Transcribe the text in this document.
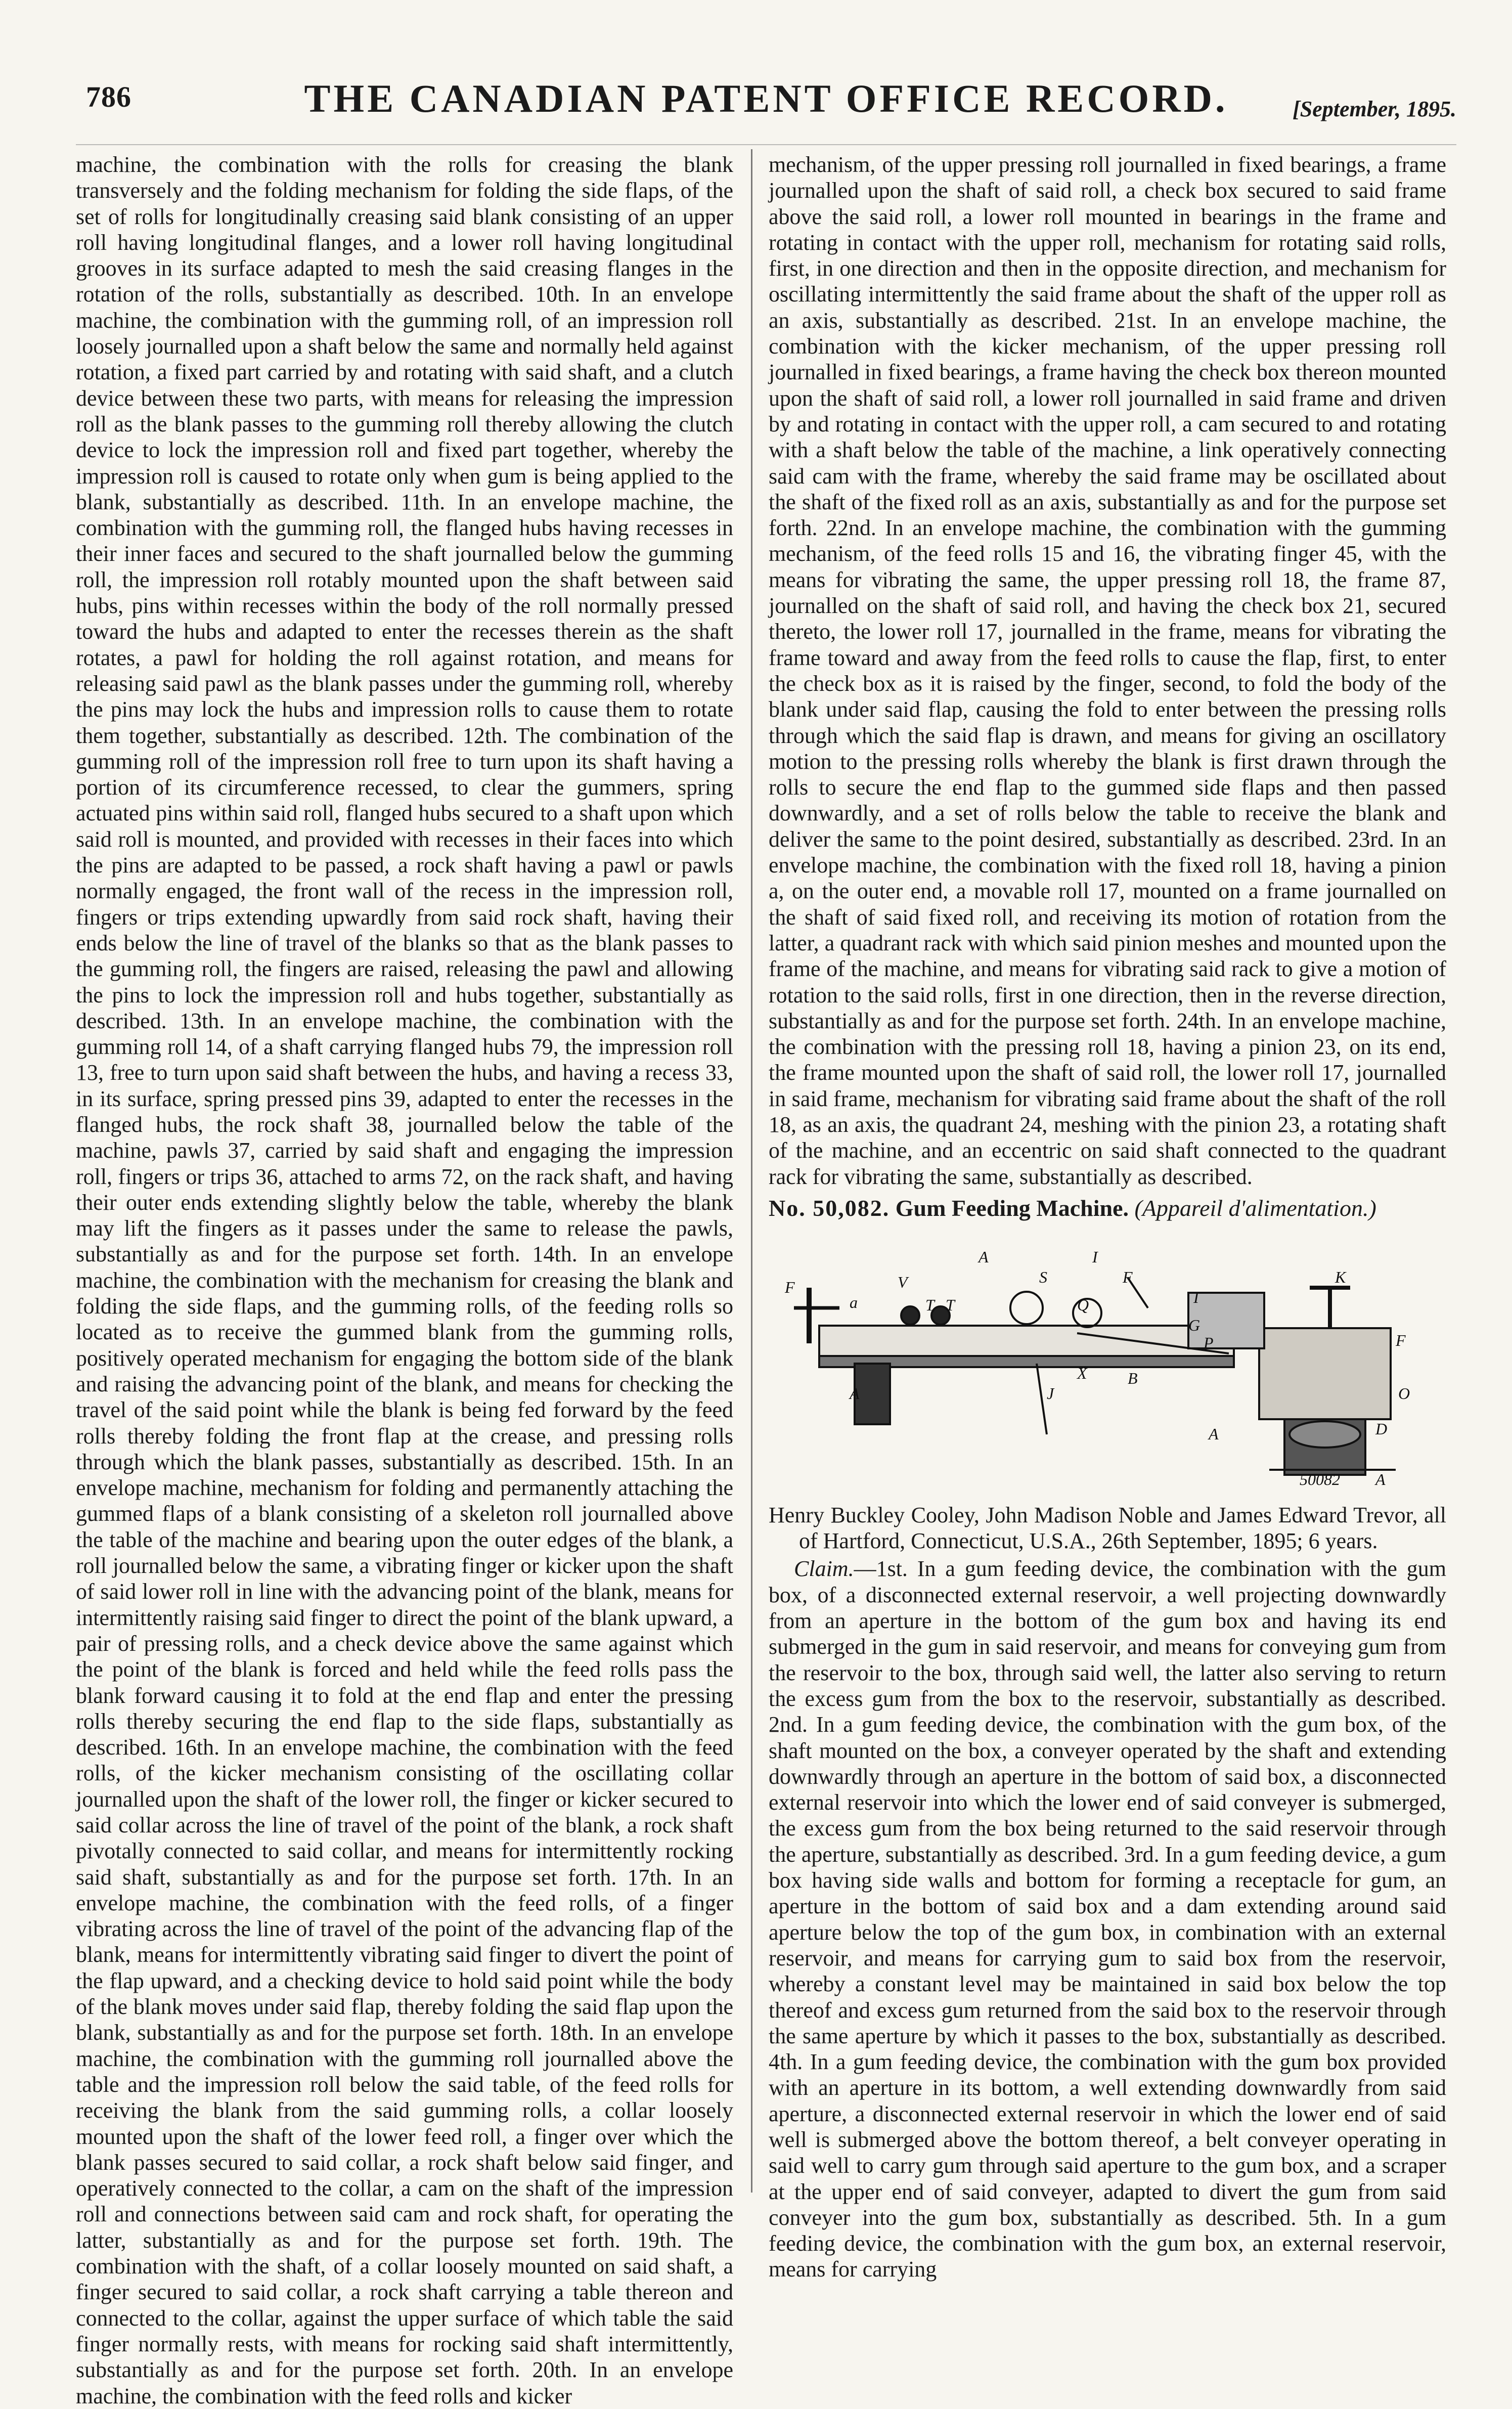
786	THE CANADIAN PATENT OFFICE RECORD.	[September, 1895.

machine, the combination with the rolls for creasing the blank transversely and the folding mechanism for folding the side flaps, of the set of rolls for longitudinally creasing said blank consisting of an upper roll having longitudinal flanges, and a lower roll having longitudinal grooves in its surface adapted to mesh the said creasing flanges in the rotation of the rolls, substantially as described. 10th. In an envelope machine, the combination with the gumming roll, of an impression roll loosely journalled upon a shaft below the same and normally held against rotation, a fixed part carried by and rotating with said shaft, and a clutch device between these two parts, with means for releasing the impression roll as the blank passes to the gumming roll thereby allowing the clutch device to lock the impression roll and fixed part together, whereby the impression roll is caused to rotate only when gum is being applied to the blank, substantially as described. 11th. In an envelope machine, the combination with the gumming roll, the flanged hubs having recesses in their inner faces and secured to the shaft journalled below the gumming roll, the impression roll rotably mounted upon the shaft between said hubs, pins within recesses within the body of the roll normally pressed toward the hubs and adapted to enter the recesses therein as the shaft rotates, a pawl for holding the roll against rotation, and means for releasing said pawl as the blank passes under the gumming roll, whereby the pins may lock the hubs and impression rolls to cause them to rotate them together, substantially as described. 12th. The combination of the gumming roll of the impression roll free to turn upon its shaft having a portion of its circumference recessed, to clear the gummers, spring actuated pins within said roll, flanged hubs secured to a shaft upon which said roll is mounted, and provided with recesses in their faces into which the pins are adapted to be passed, a rock shaft having a pawl or pawls normally engaged, the front wall of the recess in the impression roll, fingers or trips extending upwardly from said rock shaft, having their ends below the line of travel of the blanks so that as the blank passes to the gumming roll, the fingers are raised, releasing the pawl and allowing the pins to lock the impression roll and hubs together, substantially as described. 13th. In an envelope machine, the combination with the gumming roll 14, of a shaft carrying flanged hubs 79, the impression roll 13, free to turn upon said shaft between the hubs, and having a recess 33, in its surface, spring pressed pins 39, adapted to enter the recesses in the flanged hubs, the rock shaft 38, journalled below the table of the machine, pawls 37, carried by said shaft and engaging the impression roll, fingers or trips 36, attached to arms 72, on the rack shaft, and having their outer ends extending slightly below the table, whereby the blank may lift the fingers as it passes under the same to release the pawls, substantially as and for the purpose set forth. 14th. In an envelope machine, the combination with the mechanism for creasing the blank and folding the side flaps, and the gumming rolls, of the feeding rolls so located as to receive the gummed blank from the gumming rolls, positively operated mechanism for engaging the bottom side of the blank and raising the advancing point of the blank, and means for checking the travel of the said point while the blank is being fed forward by the feed rolls thereby folding the front flap at the crease, and pressing rolls through which the blank passes, substantially as described. 15th. In an envelope machine, mechanism for folding and permanently attaching the gummed flaps of a blank consisting of a skeleton roll journalled above the table of the machine and bearing upon the outer edges of the blank, a roll journalled below the same, a vibrating finger or kicker upon the shaft of said lower roll in line with the advancing point of the blank, means for intermittently raising said finger to direct the point of the blank upward, a pair of pressing rolls, and a check device above the same against which the point of the blank is forced and held while the feed rolls pass the blank forward causing it to fold at the end flap and enter the pressing rolls thereby securing the end flap to the side flaps, substantially as described. 16th. In an envelope machine, the combination with the feed rolls, of the kicker mechanism consisting of the oscillating collar journalled upon the shaft of the lower roll, the finger or kicker secured to said collar across the line of travel of the point of the blank, a rock shaft pivotally connected to said collar, and means for intermittently rocking said shaft, substantially as and for the purpose set forth. 17th. In an envelope machine, the combination with the feed rolls, of a finger vibrating across the line of travel of the point of the advancing flap of the blank, means for intermittently vibrating said finger to divert the point of the flap upward, and a checking device to hold said point while the body of the blank moves under said flap, thereby folding the said flap upon the blank, substantially as and for the purpose set forth. 18th. In an envelope machine, the combination with the gumming roll journalled above the table and the impression roll below the said table, of the feed rolls for receiving the blank from the said gumming rolls, a collar loosely mounted upon the shaft of the lower feed roll, a finger over which the blank passes secured to said collar, a rock shaft below said finger, and operatively connected to the collar, a cam on the shaft of the impression roll and connections between said cam and rock shaft, for operating the latter, substantially as and for the purpose set forth. 19th. The combination with the shaft, of a collar loosely mounted on said shaft, a finger secured to said collar, a rock shaft carrying a table thereon and connected to the collar, against the upper surface of which table the said finger normally rests, with means for rocking said shaft intermittently, substantially as and for the purpose set forth. 20th. In an envelope machine, the combination with the feed rolls and kicker

mechanism, of the upper pressing roll journalled in fixed bearings, a frame journalled upon the shaft of said roll, a check box secured to said frame above the said roll, a lower roll mounted in bearings in the frame and rotating in contact with the upper roll, mechanism for rotating said rolls, first, in one direction and then in the opposite direction, and mechanism for oscillating intermittently the said frame about the shaft of the upper roll as an axis, substantially as described. 21st. In an envelope machine, the combination with the kicker mechanism, of the upper pressing roll journalled in fixed bearings, a frame having the check box thereon mounted upon the shaft of said roll, a lower roll journalled in said frame and driven by and rotating in contact with the upper roll, a cam secured to and rotating with a shaft below the table of the machine, a link operatively connecting said cam with the frame, whereby the said frame may be oscillated about the shaft of the fixed roll as an axis, substantially as and for the purpose set forth. 22nd. In an envelope machine, the combination with the gumming mechanism, of the feed rolls 15 and 16, the vibrating finger 45, with the means for vibrating the same, the upper pressing roll 18, the frame 87, journalled on the shaft of said roll, and having the check box 21, secured thereto, the lower roll 17, journalled in the frame, means for vibrating the frame toward and away from the feed rolls to cause the flap, first, to enter the check box as it is raised by the finger, second, to fold the body of the blank under said flap, causing the fold to enter between the pressing rolls through which the said flap is drawn, and means for giving an oscillatory motion to the pressing rolls whereby the blank is first drawn through the rolls to secure the end flap to the gummed side flaps and then passed downwardly, and a set of rolls below the table to receive the blank and deliver the same to the point desired, substantially as described. 23rd. In an envelope machine, the combination with the fixed roll 18, having a pinion a, on the outer end, a movable roll 17, mounted on a frame journalled on the shaft of said fixed roll, and receiving its motion of rotation from the latter, a quadrant rack with which said pinion meshes and mounted upon the frame of the machine, and means for vibrating said rack to give a motion of rotation to the said rolls, first in one direction, then in the reverse direction, substantially as and for the purpose set forth. 24th. In an envelope machine, the combination with the pressing roll 18, having a pinion 23, on its end, the frame mounted upon the shaft of said roll, the lower roll 17, journalled in said frame, mechanism for vibrating said frame about the shaft of the roll 18, as an axis, the quadrant 24, meshing with the pinion 23, a rotating shaft of the machine, and an eccentric on said shaft connected to the quadrant rack for vibrating the same, substantially as described.

No. 50,082. Gum Feeding Machine. (Appareil d'alimentation.)

F
a
V
T T
A
S
Q
F
I
K
F
G
P
I
A
X	B
J	O
A	D
A
50082

Henry Buckley Cooley, John Madison Noble and James Edward Trevor, all of Hartford, Connecticut, U.S.A., 26th September, 1895; 6 years.

Claim.—1st. In a gum feeding device, the combination with the gum box, of a disconnected external reservoir, a well projecting downwardly from an aperture in the bottom of the gum box and having its end submerged in the gum in said reservoir, and means for conveying gum from the reservoir to the box, through said well, the latter also serving to return the excess gum from the box to the reservoir, substantially as described. 2nd. In a gum feeding device, the combination with the gum box, of the shaft mounted on the box, a conveyer operated by the shaft and extending downwardly through an aperture in the bottom of said box, a disconnected external reservoir into which the lower end of said conveyer is submerged, the excess gum from the box being returned to the said reservoir through the aperture, substantially as described. 3rd. In a gum feeding device, a gum box having side walls and bottom for forming a receptacle for gum, an aperture in the bottom of said box and a dam extending around said aperture below the top of the gum box, in combination with an external reservoir, and means for carrying gum to said box from the reservoir, whereby a constant level may be maintained in said box below the top thereof and excess gum returned from the said box to the reservoir through the same aperture by which it passes to the box, substantially as described. 4th. In a gum feeding device, the combination with the gum box provided with an aperture in its bottom, a well extending downwardly from said aperture, a disconnected external reservoir in which the lower end of said well is submerged above the bottom thereof, a belt conveyer operating in said well to carry gum through said aperture to the gum box, and a scraper at the upper end of said conveyer, adapted to divert the gum from said conveyer into the gum box, substantially as described. 5th. In a gum feeding device, the combination with the gum box, an external reservoir, means for carrying
